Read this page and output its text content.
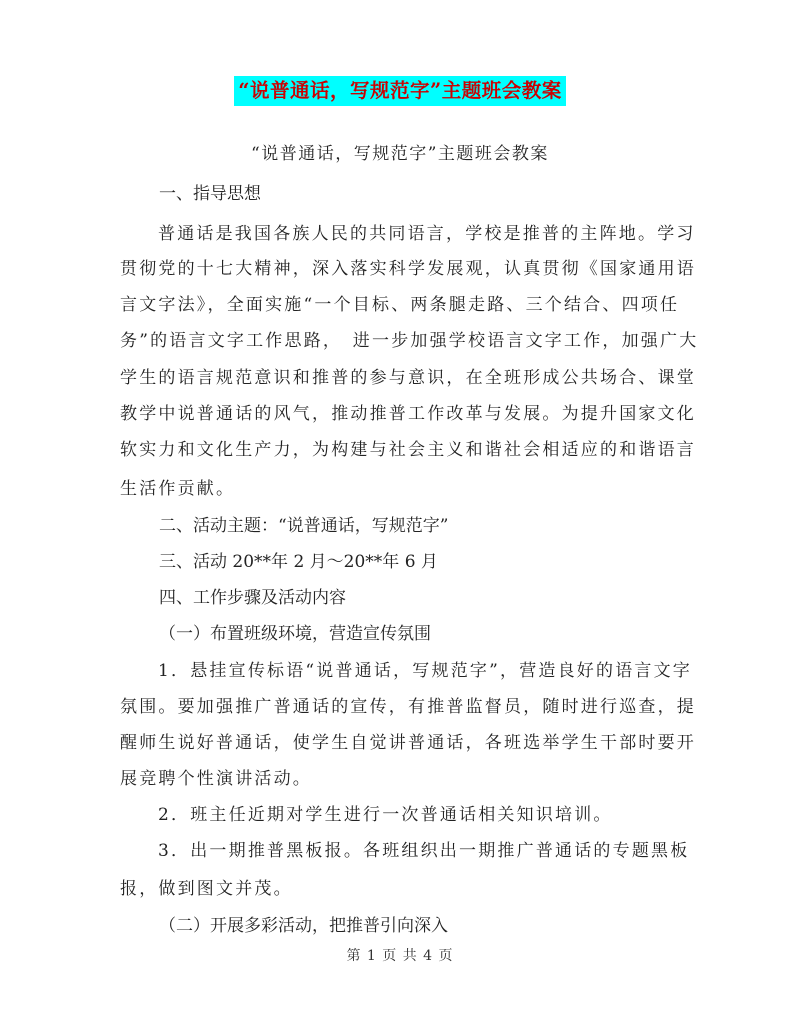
“说普通话，写规范字”主题班会教案
“说普通话，写规范字”主题班会教案
一、指导思想
普通话是我国各族人民的共同语言，学校是推普的主阵地。学习
贯彻党的十七大精神，深入落实科学发展观，认真贯彻《国家通用语
言文字法》，全面实施“一个目标、两条腿走路、三个结合、四项任
务”的语言文字工作思路，　进一步加强学校语言文字工作，加强广大
学生的语言规范意识和推普的参与意识，在全班形成公共场合、课堂
教学中说普通话的风气，推动推普工作改革与发展。为提升国家文化
软实力和文化生产力，为构建与社会主义和谐社会相适应的和谐语言
生活作贡献。
二、活动主题：“说普通话，写规范字”
三、活动 20**年 2 月～20**年 6 月
四、工作步骤及活动内容
（一）布置班级环境，营造宣传氛围
1．悬挂宣传标语“说普通话，写规范字”，营造良好的语言文字
氛围。要加强推广普通话的宣传，有推普监督员，随时进行巡查，提
醒师生说好普通话，使学生自觉讲普通话，各班选举学生干部时要开
展竞聘个性演讲活动。
2．班主任近期对学生进行一次普通话相关知识培训。
3．出一期推普黑板报。各班组织出一期推广普通话的专题黑板
报，做到图文并茂。
（二）开展多彩活动，把推普引向深入
第 1 页 共 4 页
